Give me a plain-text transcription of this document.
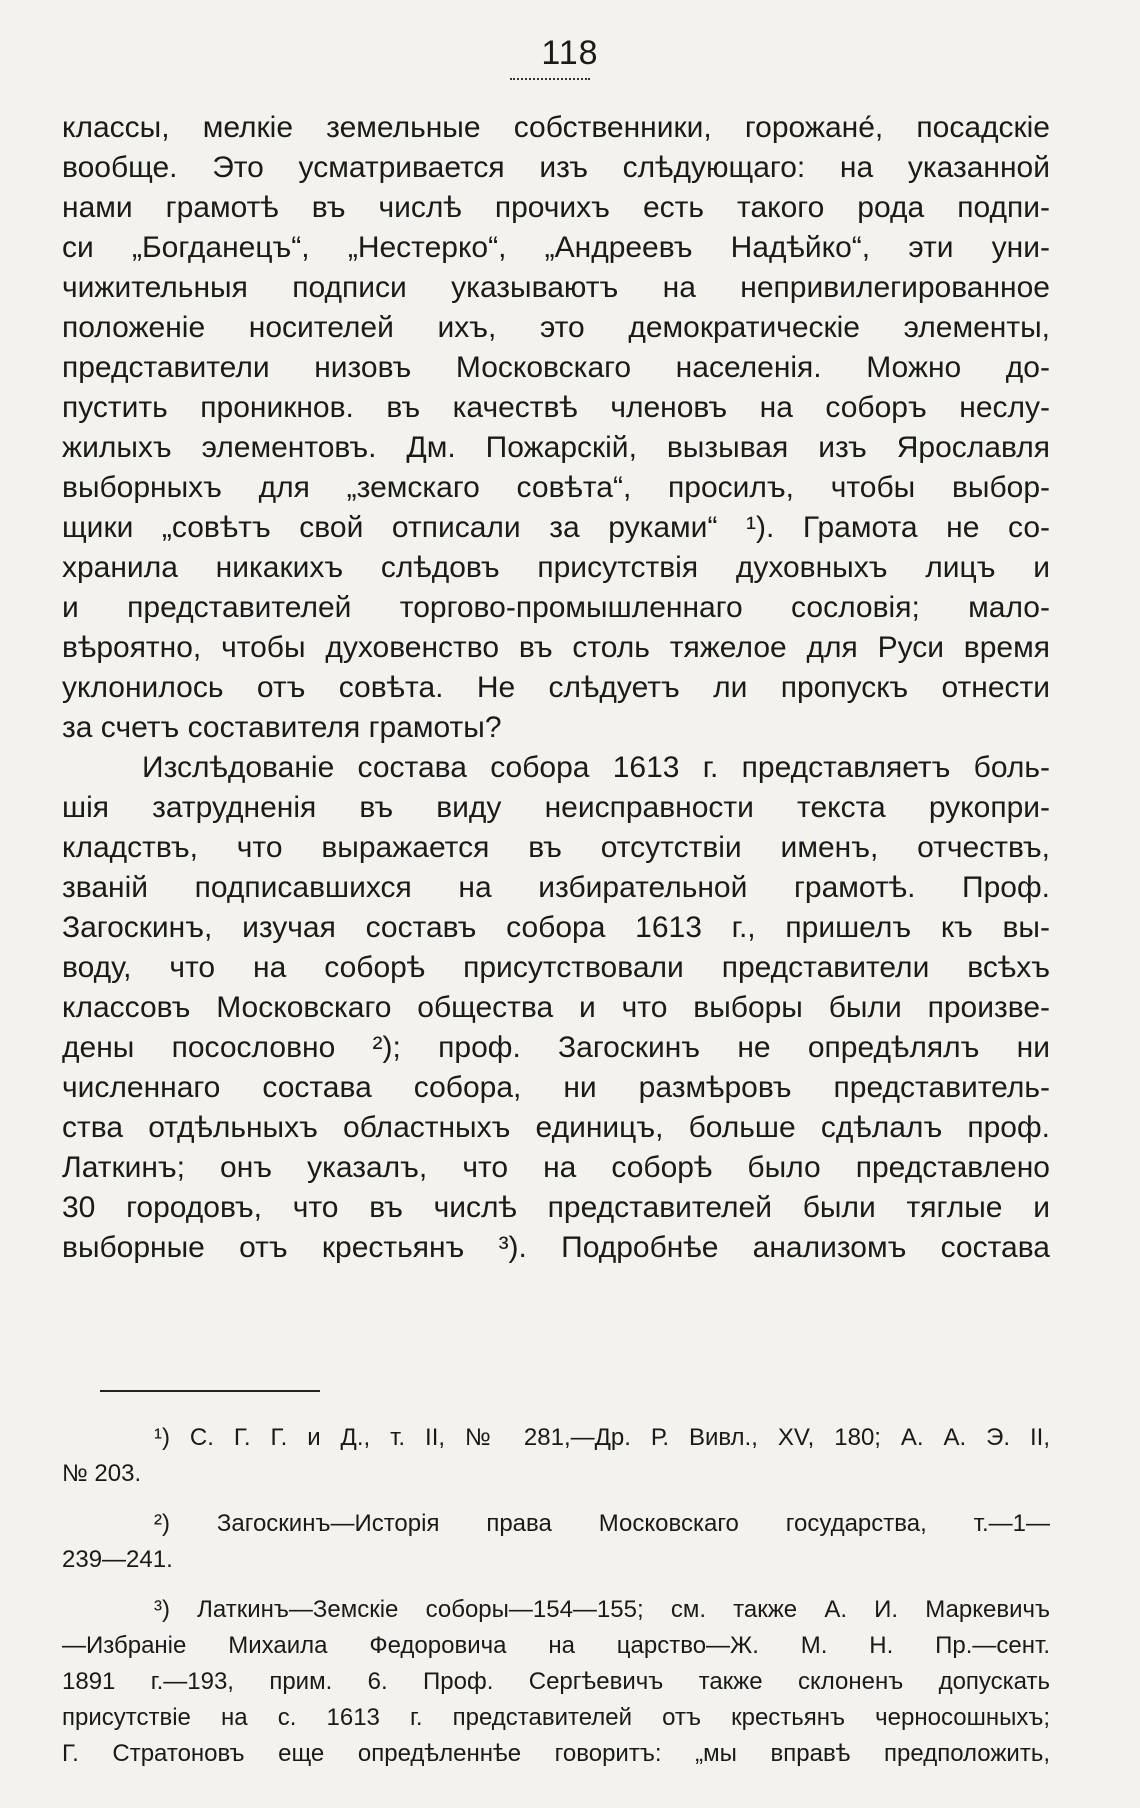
118
классы, мелкіе земельные собственники, горожане́, посадскіе
вообще. Это усматривается изъ слѣдующаго: на указанной
нами грамотѣ въ числѣ прочихъ есть такого рода подпи-
си „Богданецъ“, „Нестерко“, „Андреевъ Надѣйко“, эти уни-
чижительныя подписи указываютъ на непривилегированное
положеніе носителей ихъ, это демократическіе элементы,
представители низовъ Московскаго населенія. Можно до-
пустить проникнов. въ качествѣ членовъ на соборъ неслу-
жилыхъ элементовъ. Дм. Пожарскій, вызывая изъ Ярославля
выборныхъ для „земскаго совѣта“, просилъ, чтобы выбор-
щики „совѣтъ свой отписали за руками“ ¹). Грамота не со-
хранила никакихъ слѣдовъ присутствія духовныхъ лицъ и
и представителей торгово-промышленнаго сословія; мало-
вѣроятно, чтобы духовенство въ столь тяжелое для Руси время
уклонилось отъ совѣта. Не слѣдуетъ ли пропускъ отнести
за счетъ составителя грамоты?
Изслѣдованіе состава собора 1613 г. представляетъ боль-
шія затрудненія въ виду неисправности текста рукопри-
кладствъ, что выражается въ отсутствіи именъ, отчествъ,
званій подписавшихся на избирательной грамотѣ. Проф.
Загоскинъ, изучая составъ собора 1613 г., пришелъ къ вы-
воду, что на соборѣ присутствовали представители всѣхъ
классовъ Московскаго общества и что выборы были произве-
дены посословно ²); проф. Загоскинъ не опредѣлялъ ни
численнаго состава собора, ни размѣровъ представитель-
ства отдѣльныхъ областныхъ единицъ, больше сдѣлалъ проф.
Латкинъ; онъ указалъ, что на соборѣ было представлено
30 городовъ, что въ числѣ представителей были тяглые и
выборные отъ крестьянъ ³). Подробнѣе анализомъ состава
¹) С. Г. Г. и Д., т. II, № 281,—Др. Р. Вивл., XV, 180; А. А. Э. II,
№ 203.
²) Загоскинъ—Исторія права Московскаго государства, т.—1—
239—241.
³) Латкинъ—Земскіе соборы—154—155; см. также А. И. Маркевичъ
—Избраніе Михаила Федоровича на царство—Ж. М. Н. Пр.—сент.
1891 г.—193, прим. 6. Проф. Сергѣевичъ также склоненъ допускать
присутствіе на с. 1613 г. представителей отъ крестьянъ черносошныхъ;
Г. Стратоновъ еще опредѣленнѣе говоритъ: „мы вправѣ предположить,
